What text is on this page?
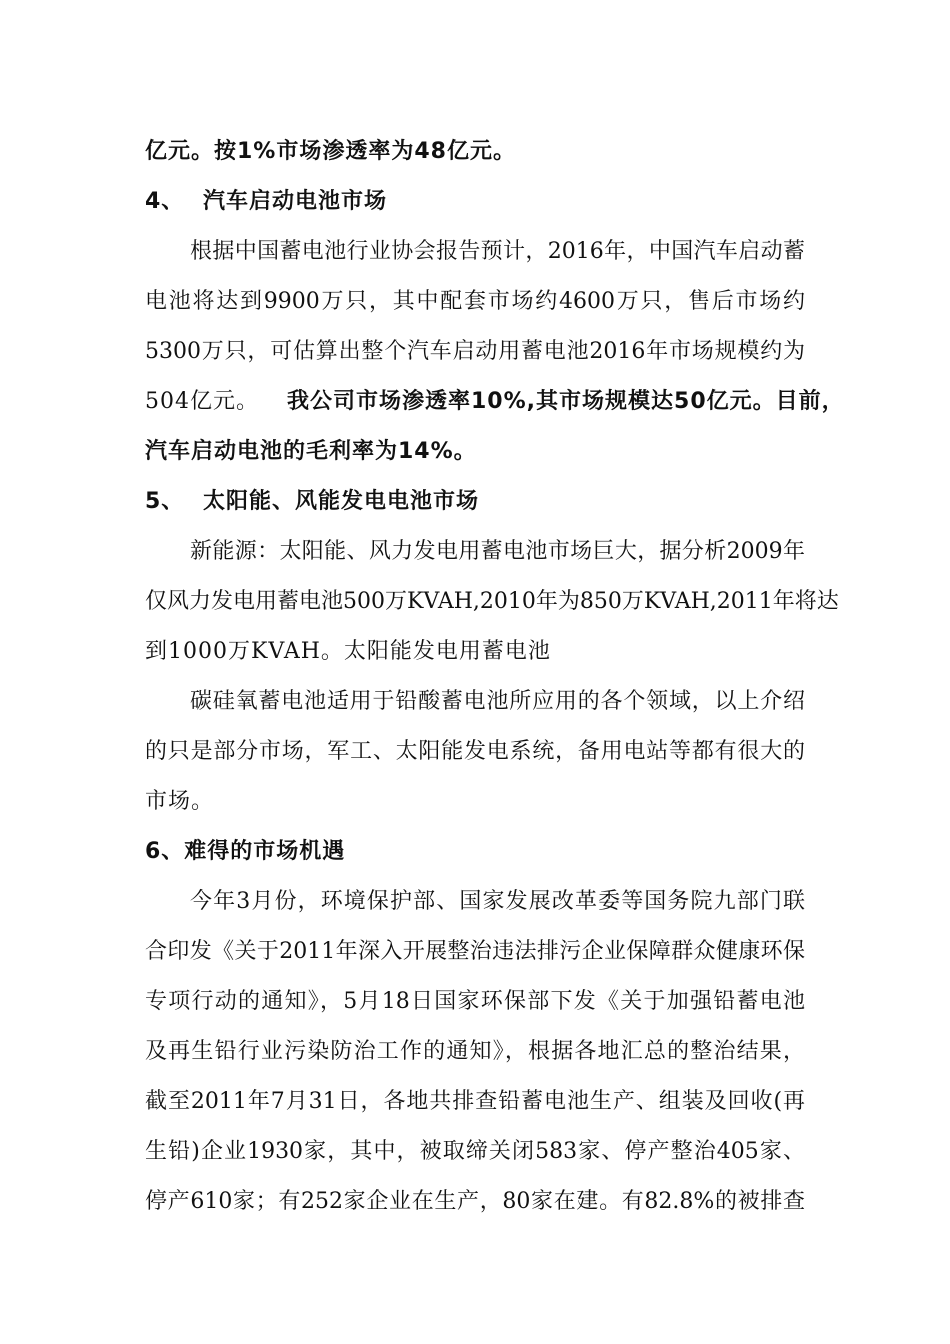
亿元。按1%市场渗透率为48亿元。
4、 汽车启动电池市场
根据中国蓄电池行业协会报告预计，2016年，中国汽车启动蓄
电池将达到9900万只，其中配套市场约4600万只，售后市场约
5300万只，可估算出整个汽车启动用蓄电池2016年市场规模约为
504亿元。 我公司市场渗透率10%,其市场规模达50亿元。目前，
汽车启动电池的毛利率为14%。
5、 太阳能、风能发电电池市场
新能源：太阳能、风力发电用蓄电池市场巨大，据分析2009年
仅风力发电用蓄电池500万KVAH,2010年为850万KVAH,2011年将达
到1000万KVAH。太阳能发电用蓄电池
碳硅氧蓄电池适用于铅酸蓄电池所应用的各个领域，以上介绍
的只是部分市场，军工、太阳能发电系统，备用电站等都有很大的
市场。
6、难得的市场机遇
今年3月份，环境保护部、国家发展改革委等国务院九部门联
合印发《关于2011年深入开展整治违法排污企业保障群众健康环保
专项行动的通知》，5月18日国家环保部下发《关于加强铅蓄电池
及再生铅行业污染防治工作的通知》，根据各地汇总的整治结果，
截至2011年7月31日，各地共排查铅蓄电池生产、组装及回收(再
生铅)企业1930家，其中，被取缔关闭583家、停产整治405家、
停产610家；有252家企业在生产，80家在建。有82.8%的被排查
